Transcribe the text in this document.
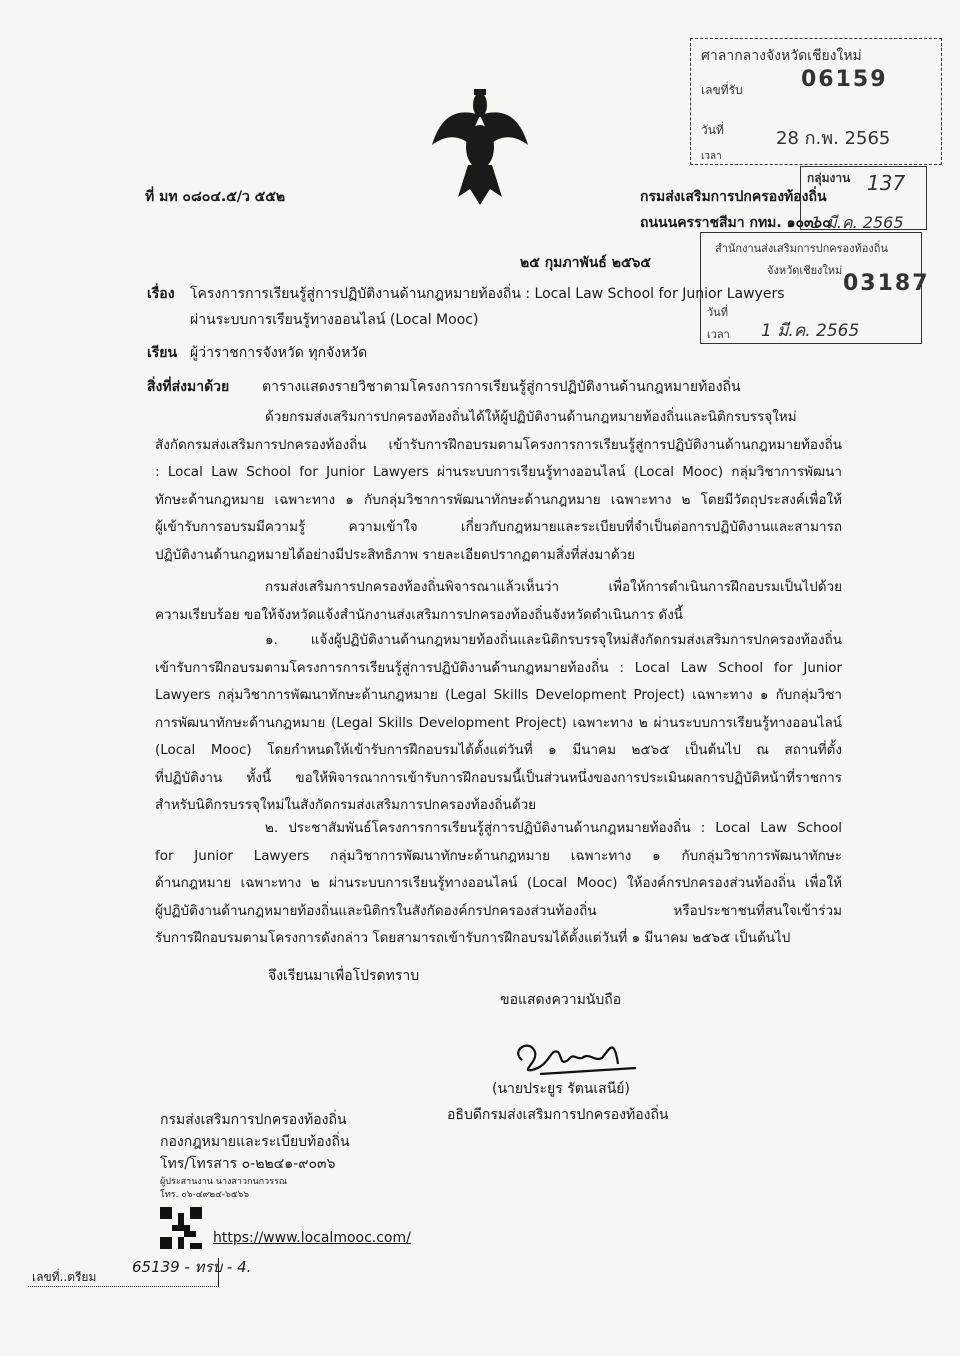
ที่ มท ๐๘๐๔.๕/ว ๕๕๒	กรมส่งเสริมการปกครองท้องถิ่น
ถนนนครราชสีมา กทม. ๑๐๓๐๐
๒๕ กุมภาพันธ์ ๒๕๖๕
เรื่อง โครงการการเรียนรู้สู่การปฏิบัติงานด้านกฎหมายท้องถิ่น : Local Law School for Junior Lawyers
ผ่านระบบการเรียนรู้ทางออนไลน์ (Local Mooc)
เรียน ผู้ว่าราชการจังหวัด ทุกจังหวัด
สิ่งที่ส่งมาด้วย ตารางแสดงรายวิชาตามโครงการการเรียนรู้สู่การปฏิบัติงานด้านกฎหมายท้องถิ่น
ด้วยกรมส่งเสริมการปกครองท้องถิ่นได้ให้ผู้ปฏิบัติงานด้านกฎหมายท้องถิ่นและนิติกรบรรจุใหม่
สังกัดกรมส่งเสริมการปกครองท้องถิ่น เข้ารับการฝึกอบรมตามโครงการการเรียนรู้สู่การปฏิบัติงานด้านกฎหมายท้องถิ่น
: Local Law School for Junior Lawyers ผ่านระบบการเรียนรู้ทางออนไลน์ (Local Mooc) กลุ่มวิชาการพัฒนา
ทักษะด้านกฎหมาย เฉพาะทาง ๑ กับกลุ่มวิชาการพัฒนาทักษะด้านกฎหมาย เฉพาะทาง ๒ โดยมีวัตถุประสงค์เพื่อให้
ผู้เข้ารับการอบรมมีความรู้ ความเข้าใจ เกี่ยวกับกฎหมายและระเบียบที่จำเป็นต่อการปฏิบัติงานและสามารถ
ปฏิบัติงานด้านกฎหมายได้อย่างมีประสิทธิภาพ รายละเอียดปรากฏตามสิ่งที่ส่งมาด้วย
กรมส่งเสริมการปกครองท้องถิ่นพิจารณาแล้วเห็นว่า เพื่อให้การดำเนินการฝึกอบรมเป็นไปด้วย
ความเรียบร้อย ขอให้จังหวัดแจ้งสำนักงานส่งเสริมการปกครองท้องถิ่นจังหวัดดำเนินการ ดังนี้
๑. แจ้งผู้ปฏิบัติงานด้านกฎหมายท้องถิ่นและนิติกรบรรจุใหม่สังกัดกรมส่งเสริมการปกครองท้องถิ่น
เข้ารับการฝึกอบรมตามโครงการการเรียนรู้สู่การปฏิบัติงานด้านกฎหมายท้องถิ่น : Local Law School for Junior
Lawyers กลุ่มวิชาการพัฒนาทักษะด้านกฎหมาย (Legal Skills Development Project) เฉพาะทาง ๑ กับกลุ่มวิชา
การพัฒนาทักษะด้านกฎหมาย (Legal Skills Development Project) เฉพาะทาง ๒ ผ่านระบบการเรียนรู้ทางออนไลน์
(Local Mooc) โดยกำหนดให้เข้ารับการฝึกอบรมได้ตั้งแต่วันที่ ๑ มีนาคม ๒๕๖๕ เป็นต้นไป ณ สถานที่ตั้ง
ที่ปฏิบัติงาน ทั้งนี้ ขอให้พิจารณาการเข้ารับการฝึกอบรมนี้เป็นส่วนหนึ่งของการประเมินผลการปฏิบัติหน้าที่ราชการ
สำหรับนิติกรบรรจุใหม่ในสังกัดกรมส่งเสริมการปกครองท้องถิ่นด้วย
๒. ประชาสัมพันธ์โครงการการเรียนรู้สู่การปฏิบัติงานด้านกฎหมายท้องถิ่น : Local Law School
for Junior Lawyers กลุ่มวิชาการพัฒนาทักษะด้านกฎหมาย เฉพาะทาง ๑ กับกลุ่มวิชาการพัฒนาทักษะ
ด้านกฎหมาย เฉพาะทาง ๒ ผ่านระบบการเรียนรู้ทางออนไลน์ (Local Mooc) ให้องค์กรปกครองส่วนท้องถิ่น เพื่อให้
ผู้ปฏิบัติงานด้านกฎหมายท้องถิ่นและนิติกรในสังกัดองค์กรปกครองส่วนท้องถิ่น หรือประชาชนที่สนใจเข้าร่วม
รับการฝึกอบรมตามโครงการดังกล่าว โดยสามารถเข้ารับการฝึกอบรมได้ตั้งแต่วันที่ ๑ มีนาคม ๒๕๖๕ เป็นต้นไป
จึงเรียนมาเพื่อโปรดทราบ
ขอแสดงความนับถือ
(นายประยูร รัตนเสนีย์)
อธิบดีกรมส่งเสริมการปกครองท้องถิ่น
กรมส่งเสริมการปกครองท้องถิ่น
กองกฎหมายและระเบียบท้องถิ่น
โทร/โทรสาร ๐-๒๒๔๑-๙๐๓๖
ผู้ประสานงาน นางสาวกนกวรรณ
โทร. ๐๖-๔๙๒๔-๖๕๖๖
https://www.localmooc.com/
เลขที่..ตรียม
65139 - ทรบ - 4.
ศาลากลางจังหวัดเชียงใหม่
เลขที่รับ	06159
วันที่	28 ก.พ. 2565
เวลา
กลุ่มงาน 137
1 มี.ค. 2565
สำนักงานส่งเสริมการปกครองท้องถิ่น
จังหวัดเชียงใหม่
03187
วันที่
เวลา 1 มี.ค. 2565
